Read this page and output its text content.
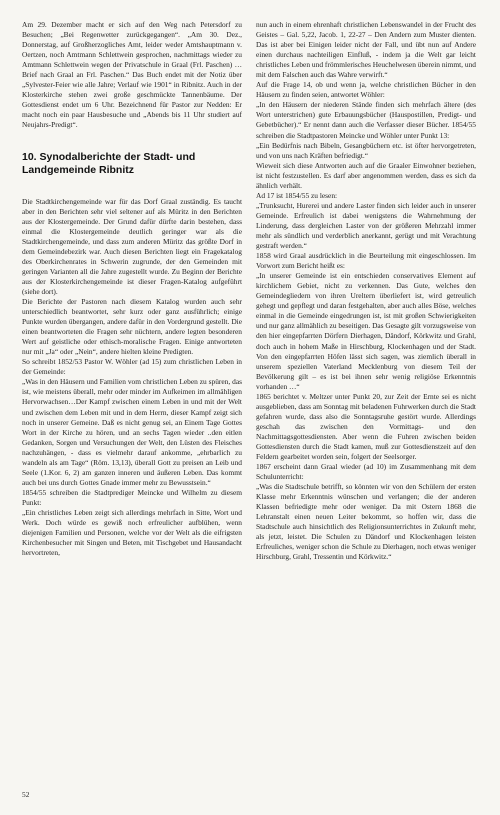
Am 29. Dezember macht er sich auf den Weg nach Petersdorf zu Besuchen; „Bei Regenwetter zurückgegangen“. „Am 30. Dez., Donnerstag, auf Großherzogliches Amt, leider weder Amtshauptmann v. Oertzen, noch Amtmann Schlettwein gesprochen, nachmittags wieder zu Amtmann Schlettwein wegen der Privatschule in Graal (Frl. Paschen) … Brief nach Graal an Frl. Paschen.“ Das Buch endet mit der Notiz über „Sylvester-Feier wie alle Jahre; Verlauf wie 1901“ in Ribnitz. Auch in der Klosterkirche stehen zwei große geschmückte Tannenbäume. Der Gottesdienst endet um 6 Uhr. Bezeichnend für Pastor zur Nedden: Er macht noch ein paar Hausbesuche und „Abends bis 11 Uhr studiert auf Neujahrs-Predigt“.

10. Synodalberichte der Stadt- und Landgemeinde Ribnitz

Die Stadtkirchengemeinde war für das Dorf Graal zuständig. Es taucht aber in den Berichten sehr viel seltener auf als Müritz in den Berichten aus der Klostergemeinde. Der Grund dafür dürfte darin bestehen, dass einmal die Klostergemeinde deutlich geringer war als die Stadtkirchengemeinde, und dass zum anderen Müritz das größte Dorf in dem Gemeindebezirk war. Auch diesen Berichten liegt ein Fragekatalog des Oberkirchenrates in Schwerin zugrunde, der den Gemeinden mit geringen Varianten all die Jahre zugestellt wurde. Zu Beginn der Berichte aus der Klosterkirchengemeinde ist dieser Fragen-Katalog aufgeführt (siehe dort).

Die Berichte der Pastoren nach diesem Katalog wurden auch sehr unterschiedlich beantwortet, sehr kurz oder ganz ausführlich; einige Punkte wurden übergangen, andere dafür in den Vordergrund gestellt. Die einen beantworteten die Fragen sehr nüchtern, andere legten besonderen Wert auf geistliche oder ethisch-moralische Fragen. Einige antworteten nur mit „Ja“ oder „Nein“, andere hielten kleine Predigten.

So schreibt 1852/53 Pastor W. Wöhler (ad 15) zum christlichen Leben in der Gemeinde:

„Was in den Häusern und Familien vom christlichen Leben zu spüren, das ist, wie meistens überall, mehr oder minder im Aufkeimen im allmähligen Hervorwachsen…Der Kampf zwischen einem Leben in und mit der Welt und zwischen dem Leben mit und in dem Herrn, dieser Kampf zeigt sich noch in unserer Gemeine. Daß es nicht genug sei, an Einem Tage Gottes Wort in der Kirche zu hören, und an sechs Tagen wieder ..den eitlen Gedanken, Sorgen und Versuchungen der Welt, den Lüsten des Fleisches nachzuhängen, - dass es vielmehr darauf ankomme, „ehrbarlich zu wandeln als am Tage“ (Röm. 13,13), überall Gott zu preisen an Leib und Seele (1.Kor. 6, 2) am ganzen inneren und äußeren Leben. Das kommt auch bei uns durch Gottes Gnade immer mehr zu Bewusstsein.“

1854/55 schreiben die Stadtprediger Meincke und Wilhelm zu diesem Punkt:

„Ein christliches Leben zeigt sich allerdings mehrfach in Sitte, Wort und Werk. Doch würde es gewiß noch erfreulicher aufblühen, wenn diejenigen Familien und Personen, welche vor der Welt als die eifrigsten Kirchenbesucher mit Singen und Beten, mit Tischgebet und Hausandacht hervortreten,

nun auch in einem ehrenhaft christlichen Lebenswandel in der Frucht des Geistes – Gal. 5,22, Jacob. 1, 22-27 – Den Andern zum Muster dienten. Das ist aber bei Einigen leider nicht der Fall, und übt nun auf Andere einen durchaus nachteiligen Einfluß, - indem ja die Welt gar leicht christliches Leben und frömmlerisches Heuchelwesen überein nimmt, und mit dem Falschen auch das Wahre verwirft.“

Auf die Frage 14, ob und wenn ja, welche christlichen Bücher in den Häusern zu finden seien, antwortet Wöhler:

„In den Häusern der niederen Stände finden sich mehrfach ältere (des Wort unterstrichen) gute Erbauungsbücher (Hauspostillen, Predigt- und Gebetbücher).“ Er nennt dann auch die Verfasser dieser Bücher. 1854/55 schreiben die Stadtpastoren Meincke und Wöhler unter Punkt 13:

„Ein Bedürfnis nach Bibeln, Gesangbüchern etc. ist öfter hervorgetreten, und von uns nach Kräften befriedigt.“

Wieweit sich diese Antworten auch auf die Graaler Einwohner beziehen, ist nicht festzustellen. Es darf aber angenommen werden, dass es sich da ähnlich verhält.

Ad 17 ist 1854/55 zu lesen:

„Trunksucht, Hurerei und andere Laster finden sich leider auch in unserer Gemeinde. Erfreulich ist dabei wenigstens die Wahrnehmung der Linderung, dass dergleichen Laster von der größeren Mehrzahl immer mehr als sündlich und verderblich anerkannt, gerügt und mit Verachtung gestraft werden.“

1858 wird Graal ausdrücklich in die Beurteilung mit eingeschlossen. Im Vorwort zum Bericht heißt es:

„In unserer Gemeinde ist ein entschieden conservatives Element auf kirchlichem Gebiet, nicht zu verkennen. Das Gute, welches den Gemeindegliedern von ihren Ureltern überliefert ist, wird getreulich gehegt und gepflegt und daran festgehalten, aber auch alles Böse, welches einmal in die Gemeinde eingedrungen ist, ist mit großen Schwierigkeiten und nur ganz allmählich zu beseitigen. Das Gesagte gilt vorzugsweise von den hier eingepfarrten Dörfern Dierhagen, Dändorf, Körkwitz und Grahl, doch auch in hohem Maße in Hirschburg, Klockenhagen und der Stadt. Von den eingepfarrten Höfen lässt sich sagen, was ziemlich überall in unserem speziellen Vaterland Mecklenburg von diesem Teil der Bevölkerung gilt – es ist bei ihnen sehr wenig religiöse Erkenntnis vorhanden …“

1865 berichtet v. Meltzer unter Punkt 20, zur Zeit der Ernte sei es nicht ausgeblieben, dass am Sonntag mit beladenen Fuhrwerken durch die Stadt gefahren wurde, dass also die Sonntagsruhe gestört wurde. Allerdings geschah das zwischen den Vormittags- und den Nachmittagsgottesdiensten. Aber wenn die Fuhren zwischen beiden Gottesdiensten durch die Stadt kamen, muß zur Gottesdienstzeit auf den Feldern gearbeitet worden sein, folgert der Seelsorger.

1867 erscheint dann Graal wieder (ad 10) im Zusammenhang mit dem Schulunterricht:

„Was die Stadtschule betrifft, so könnten wir von den Schülern der ersten Klasse mehr Erkenntnis wünschen und verlangen; die der anderen Klassen befriedigte mehr oder weniger. Da mit Ostern 1868 die Lehranstalt einen neuen Leiter bekommt, so hoffen wir, dass die Stadtschule auch hinsichtlich des Religionsunterrichtes in Zukunft mehr, als jetzt, leistet. Die Schulen zu Dändorf und Klockenhagen leisten Erfreuliches, weniger schon die Schule zu Dierhagen, noch etwas weniger Hirschburg, Grahl, Tressentin und Körkwitz.“

52
